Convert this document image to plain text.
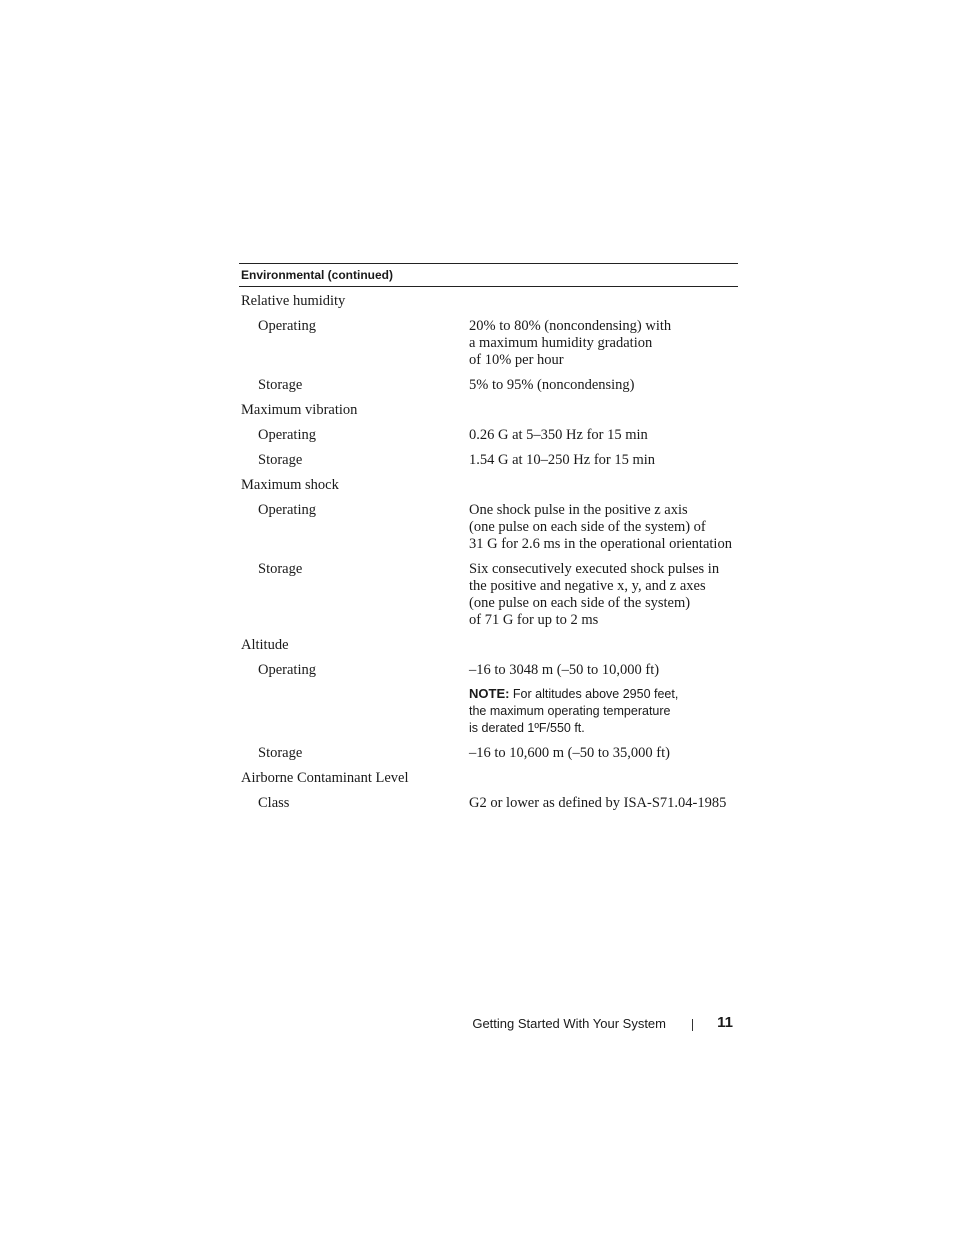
Environmental (continued)
Relative humidity
Operating	20% to 80% (noncondensing) with
a maximum humidity gradation
of 10% per hour
Storage	5% to 95% (noncondensing)
Maximum vibration
Operating	0.26 G at 5–350 Hz for 15 min
Storage	1.54 G at 10–250 Hz for 15 min
Maximum shock
Operating	One shock pulse in the positive z axis
(one pulse on each side of the system) of
31 G for 2.6 ms in the operational orientation
Storage	Six consecutively executed shock pulses in
the positive and negative x, y, and z axes
(one pulse on each side of the system)
of 71 G for up to 2 ms
Altitude
Operating	–16 to 3048 m (–50 to 10,000 ft)
NOTE: For altitudes above 2950 feet,
the maximum operating temperature
is derated 1ºF/550 ft.
Storage	–16 to 10,600 m (–50 to 35,000 ft)
Airborne Contaminant Level
Class	G2 or lower as defined by ISA-S71.04-1985
Getting Started With Your System	11
